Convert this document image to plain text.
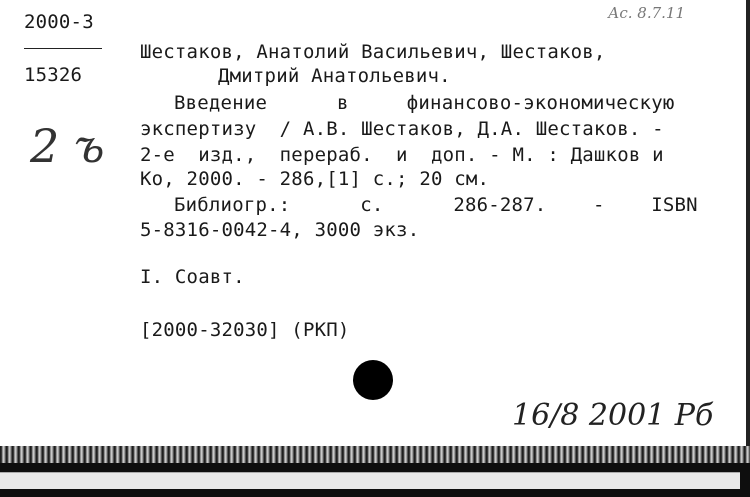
2000-3
15326
Шестаков, Анатолий Васильевич, Шестаков,
Дмитрий Анатольевич.
Введение      в     финансово-экономическую
экспертизу  / А.В. Шестаков, Д.А. Шестаков. -
2-е  изд.,  перераб.  и  доп. - М. : Дашков и
Ко, 2000. - 286,[1] с.; 20 см.
Библиогр.:      с.      286-287.    -    ISBN
5-8316-0042-4, 3000 экз.
I. Соавт.
[2000-32030] (РКП)
Ас. 8.7.11
2 ъ
16/8 2001 Рб
